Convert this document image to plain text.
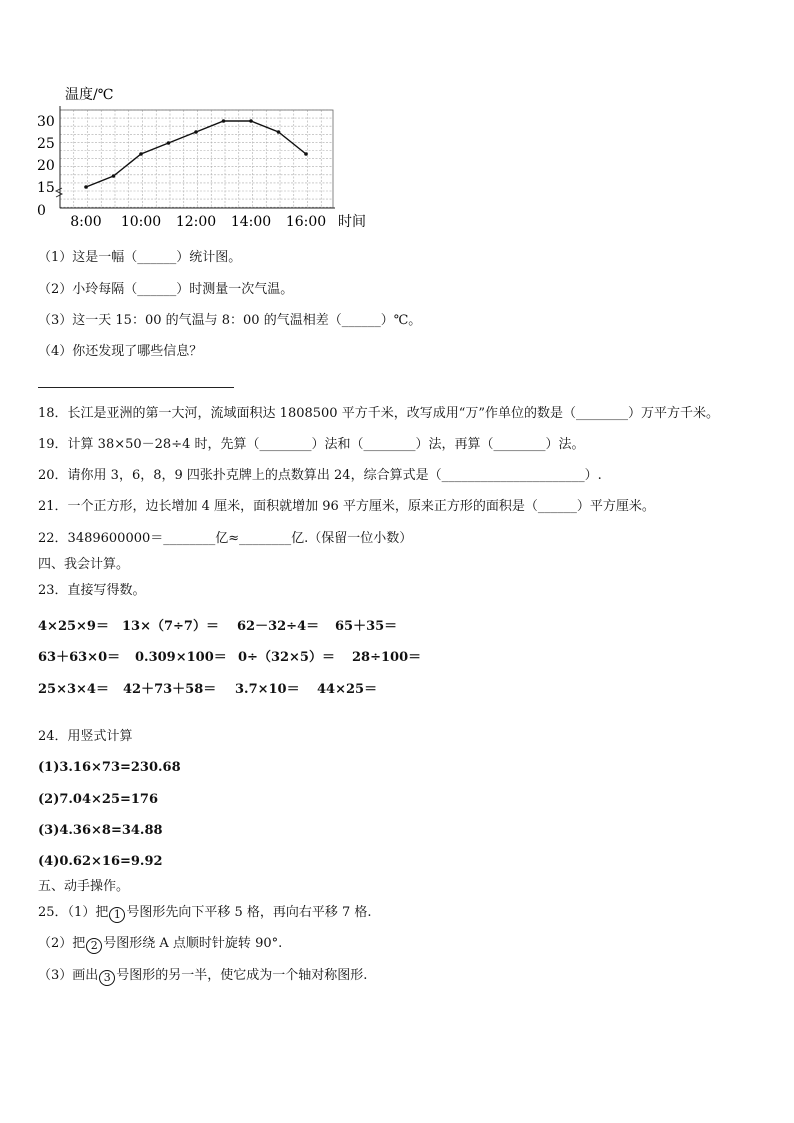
30
25
20
15
0
8:00 10:00 12:00 14:00 16:00
温度/℃
时间
（1）这是一幅（______）统计图。
（2）小玲每隔（______）时测量一次气温。
（3）这一天 15：00 的气温与 8：00 的气温相差（______）℃。
（4）你还发现了哪些信息？
18．长江是亚洲的第一大河，流域面积达 1808500 平方千米，改写成用“万”作单位的数是（________）万平方千米。
19．计算 38×50－28÷4 时，先算（________）法和（________）法，再算（________）法。
20．请你用 3，6，8，9 四张扑克牌上的点数算出 24，综合算式是（______________________）.
21．一个正方形，边长增加 4 厘米，面积就增加 96 平方厘米，原来正方形的面积是（______）平方厘米。
22．3489600000＝________亿≈________亿.（保留一位小数）
四、我会计算。
23．直接写得数。
4×25×9＝ 13×（7÷7）＝ 62－32÷4＝ 65＋35＝
63＋63×0＝ 0.309×100＝ 0÷（32×5）＝ 28÷100＝
25×3×4＝ 42＋73＋58＝ 3.7×10＝ 44×25＝
24．用竖式计算
(1)3.16×73=230.68
(2)7.04×25=176
(3)4.36×8=34.88
(4)0.62×16=9.92
五、动手操作。
25．（1）把 1 号图形先向下平移 5 格，再向右平移 7 格.
（2）把 2 号图形绕 A 点顺时针旋转 90°.
（3）画出 3 号图形的另一半，使它成为一个轴对称图形.
